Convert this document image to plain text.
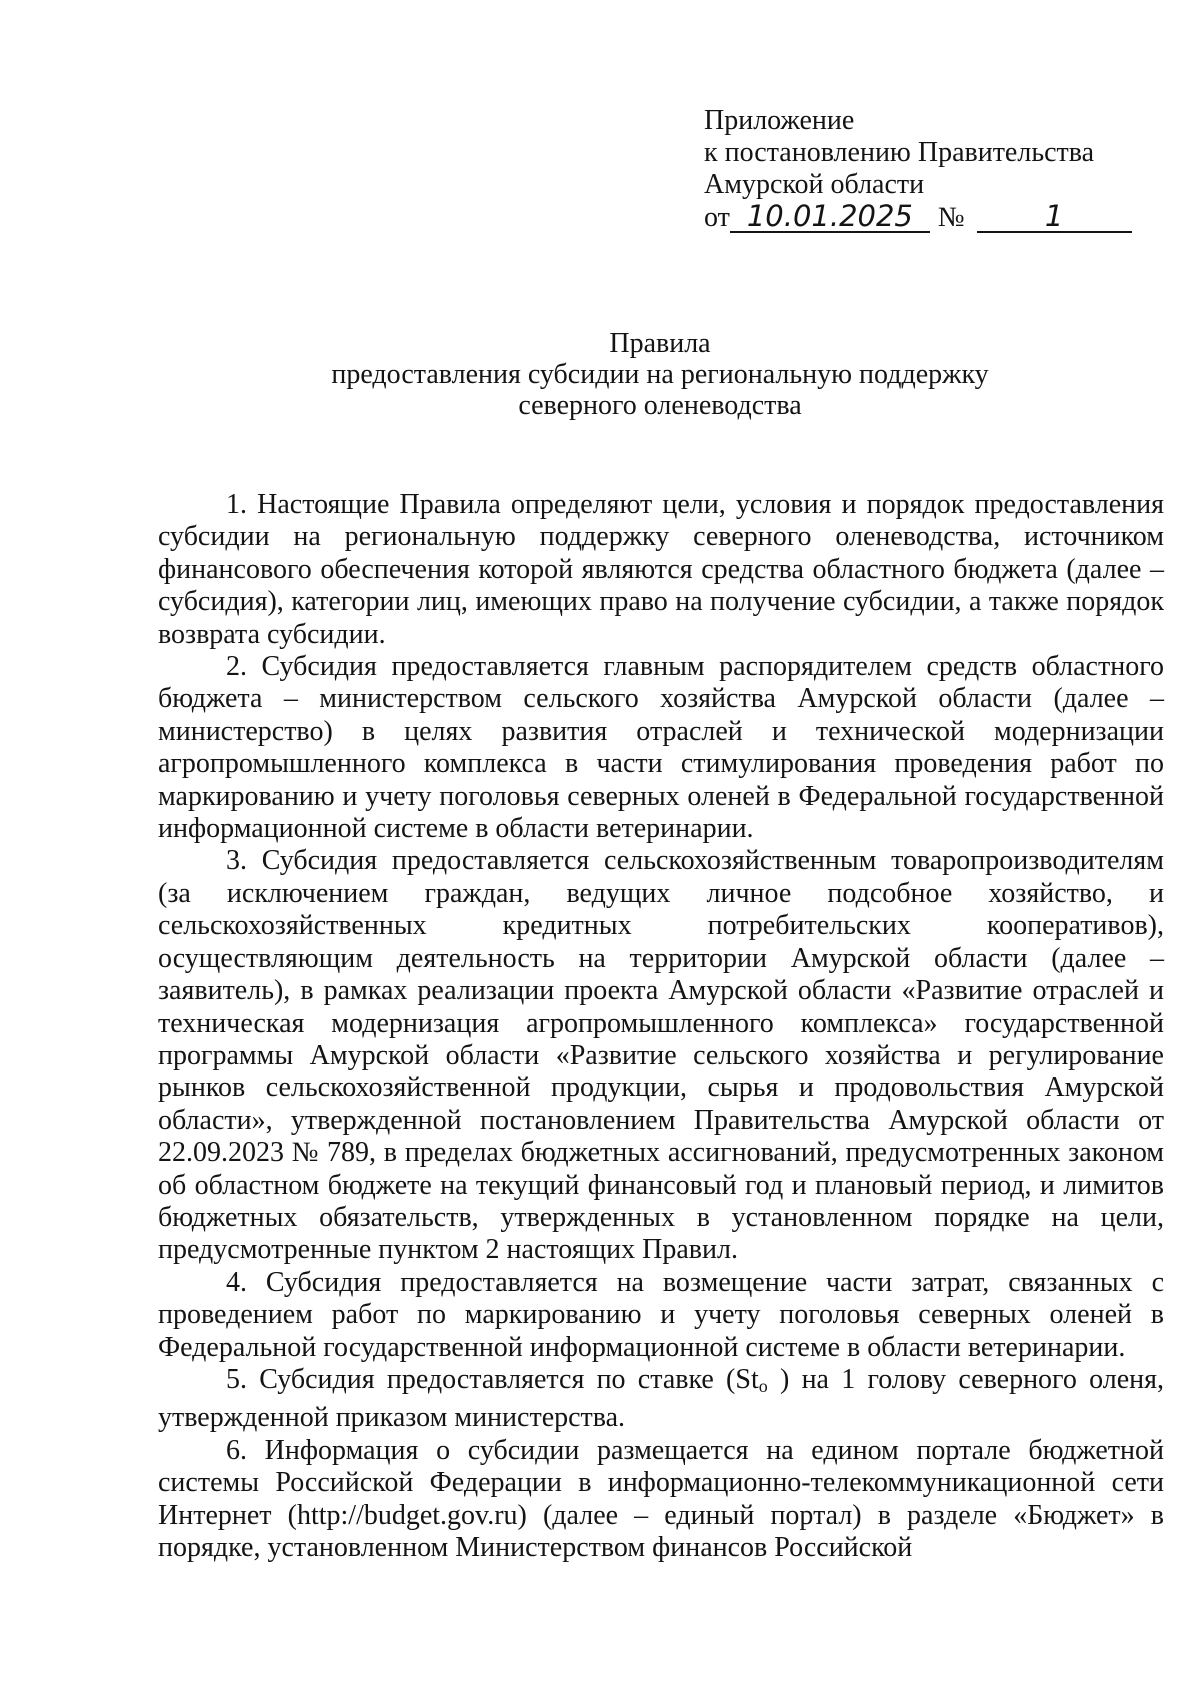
Приложение
к постановлению Правительства
Амурской области
от 10.01.2025 №	1
Правила
предоставления субсидии на региональную поддержку
северного оленеводства

1. Настоящие Правила определяют цели, условия и порядок предоставления субсидии на региональную поддержку северного оленеводства, источником финансового обеспечения которой являются средства областного бюджета (далее – субсидия), категории лиц, имеющих право на получение субсидии, а также порядок возврата субсидии.

2. Субсидия предоставляется главным распорядителем средств областного бюджета – министерством сельского хозяйства Амурской области (далее – министерство) в целях развития отраслей и технической модернизации агропромышленного комплекса в части стимулирования проведения работ по маркированию и учету поголовья северных оленей в Федеральной государственной информационной системе в области ветеринарии.

3. Субсидия предоставляется сельскохозяйственным товаропроизводителям (за исключением граждан, ведущих личное подсобное хозяйство, и сельскохозяйственных кредитных потребительских кооперативов), осуществляющим деятельность на территории Амурской области (далее – заявитель), в рамках реализации проекта Амурской области «Развитие отраслей и техническая модернизация агропромышленного комплекса» государственной программы Амурской области «Развитие сельского хозяйства и регулирование рынков сельскохозяйственной продукции, сырья и продовольствия Амурской области», утвержденной постановлением Правительства Амурской области от 22.09.2023 № 789, в пределах бюджетных ассигнований, предусмотренных законом об областном бюджете на текущий финансовый год и плановый период, и лимитов бюджетных обязательств, утвержденных в установленном порядке на цели, предусмотренные пунктом 2 настоящих Правил.

4. Субсидия предоставляется на возмещение части затрат, связанных с проведением работ по маркированию и учету поголовья северных оленей в Федеральной государственной информационной системе в области ветеринарии.

5. Субсидия предоставляется по ставке ($St_o$ ) на 1 голову северного оленя, утвержденной приказом министерства.

6. Информация о субсидии размещается на едином портале бюджетной системы Российской Федерации в информационно-телекоммуникационной сети Интернет (http://budget.gov.ru) (далее – единый портал) в разделе «Бюджет» в порядке, установленном Министерством финансов Российской
